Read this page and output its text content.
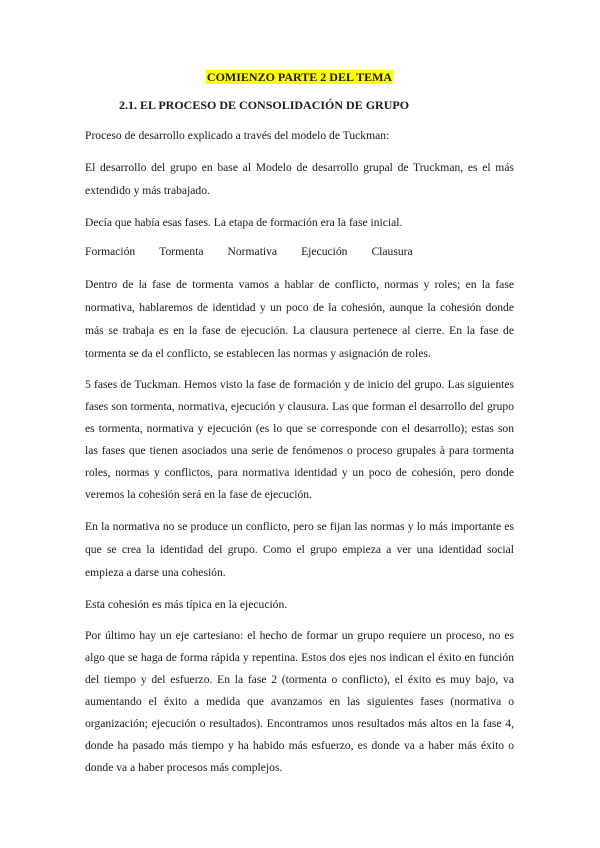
COMIENZO PARTE 2 DEL TEMA
2.1. EL PROCESO DE CONSOLIDACIÓN DE GRUPO

Proceso de desarrollo explicado a través del modelo de Tuckman:

El desarrollo del grupo en base al Modelo de desarrollo grupal de Truckman, es el más extendido y más trabajado.

Decía que había esas fases. La etapa de formación era la fase inicial.

Formación Tormenta Normativa Ejecución Clausura

Dentro de la fase de tormenta vamos a hablar de conflicto, normas y roles; en la fase normativa, hablaremos de identidad y un poco de la cohesión, aunque la cohesión donde más se trabaja es en la fase de ejecución. La clausura pertenece al cierre. En la fase de tormenta se da el conflicto, se establecen las normas y asignación de roles.

5 fases de Tuckman. Hemos visto la fase de formación y de inicio del grupo. Las siguientes fases son tormenta, normativa, ejecución y clausura. Las que forman el desarrollo del grupo es tormenta, normativa y ejecución (es lo que se corresponde con el desarrollo); estas son las fases que tienen asociados una serie de fenómenos o proceso grupales à para tormenta roles, normas y conflictos, para normativa identidad y un poco de cohesión, pero donde veremos la cohesión será en la fase de ejecución.

En la normativa no se produce un conflicto, pero se fijan las normas y lo más importante es que se crea la identidad del grupo. Como el grupo empieza a ver una identidad social empieza a darse una cohesión.

Esta cohesión es más típica en la ejecución.

Por último hay un eje cartesiano: el hecho de formar un grupo requiere un proceso, no es algo que se haga de forma rápida y repentina. Estos dos ejes nos indican el éxito en función del tiempo y del esfuerzo. En la fase 2 (tormenta o conflicto), el éxito es muy bajo, va aumentando el éxito a medida que avanzamos en las siguientes fases (normativa o organización; ejecución o resultados). Encontramos unos resultados más altos en la fase 4, donde ha pasado más tiempo y ha habido más esfuerzo, es donde va a haber más éxito o donde va a haber procesos más complejos.
